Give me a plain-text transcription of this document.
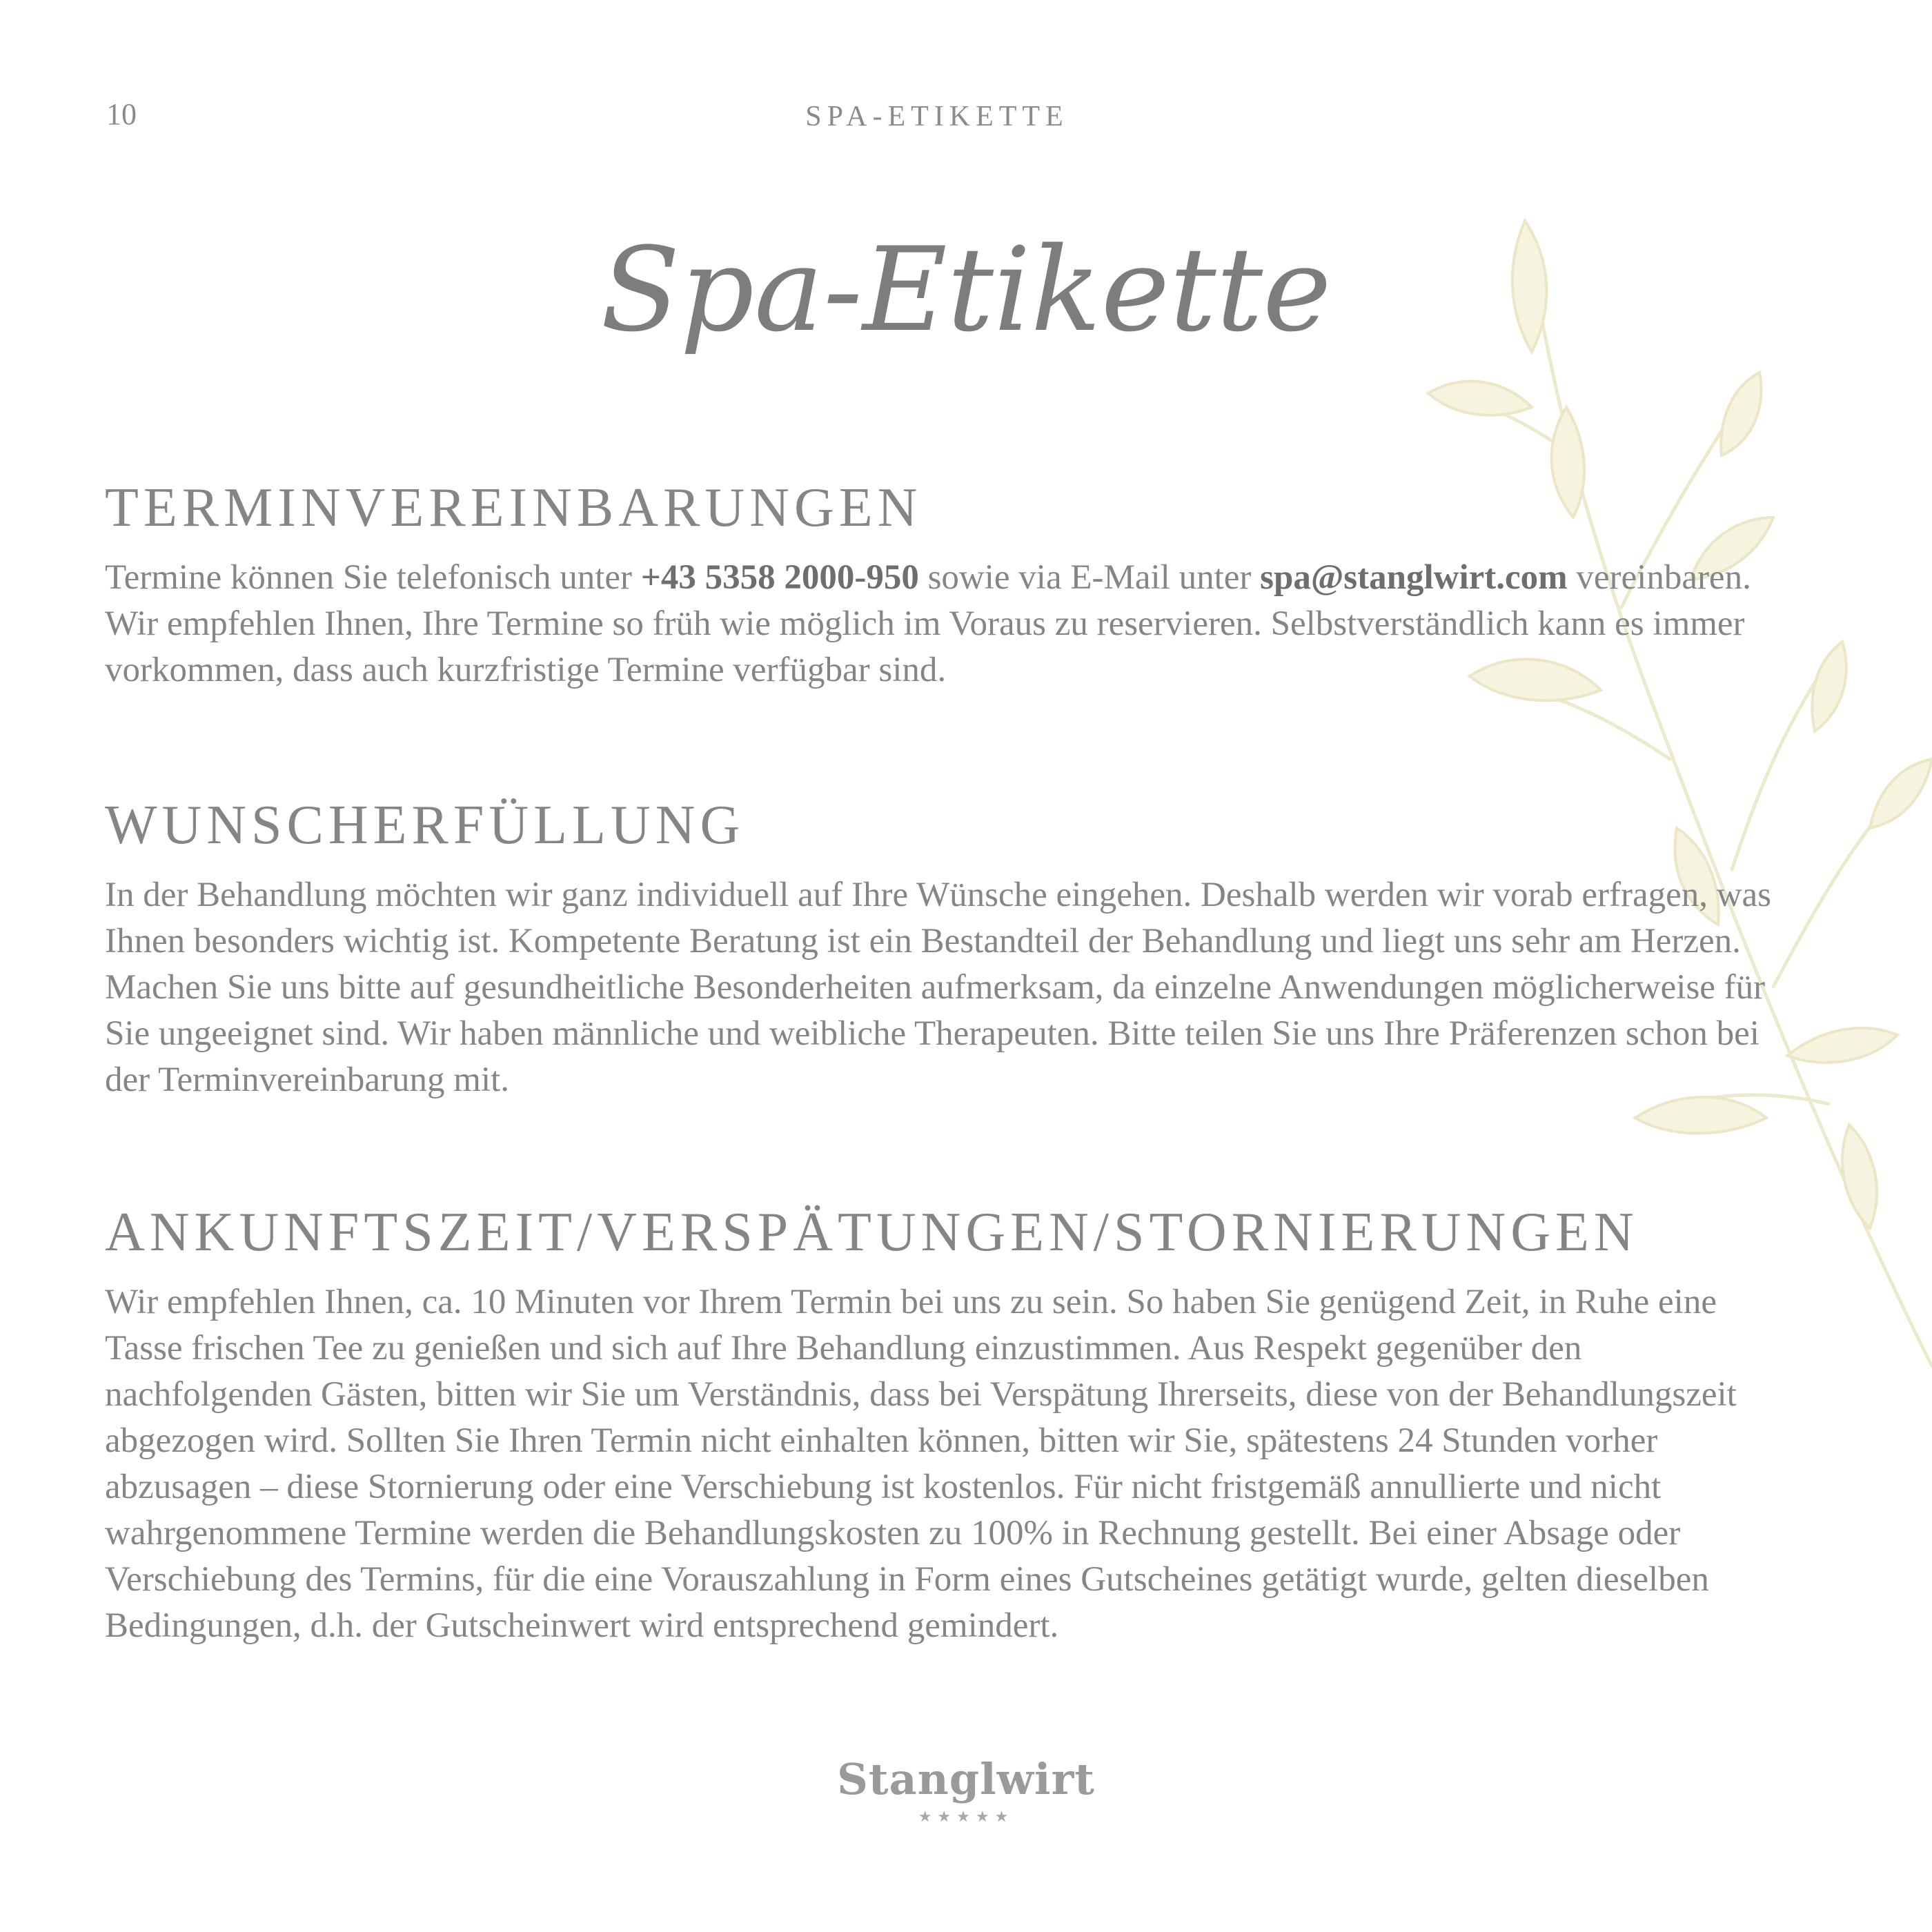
10	SPA-ETIKETTE
Spa-Etikette
TERMINVEREINBARUNGEN

Termine können Sie telefonisch unter +43 5358 2000-950 sowie via E-Mail unter spa@stanglwirt.com vereinbaren. Wir empfehlen Ihnen, Ihre Termine so früh wie möglich im Voraus zu reservieren. Selbstverständlich kann es immer vorkommen, dass auch kurzfristige Termine verfügbar sind.

WUNSCHERFÜLLUNG

In der Behandlung möchten wir ganz individuell auf Ihre Wünsche eingehen. Deshalb werden wir vorab erfragen, was Ihnen besonders wichtig ist. Kompetente Beratung ist ein Bestandteil der Behandlung und liegt uns sehr am Herzen. Machen Sie uns bitte auf gesundheitliche Besonderheiten aufmerksam, da einzelne Anwendungen möglicherweise für Sie ungeeignet sind. Wir haben männliche und weibliche Therapeuten. Bitte teilen Sie uns Ihre Präferenzen schon bei der Terminvereinbarung mit.

ANKUNFTSZEIT/VERSPÄTUNGEN/STORNIERUNGEN

Wir empfehlen Ihnen, ca. 10 Minuten vor Ihrem Termin bei uns zu sein. So haben Sie genügend Zeit, in Ruhe eine Tasse frischen Tee zu genießen und sich auf Ihre Behandlung einzustimmen. Aus Respekt gegenüber den nachfolgenden Gästen, bitten wir Sie um Verständnis, dass bei Verspätung Ihrerseits, diese von der Behandlungszeit abgezogen wird. Sollten Sie Ihren Termin nicht einhalten können, bitten wir Sie, spätestens 24 Stunden vorher abzusagen – diese Stornierung oder eine Verschiebung ist kostenlos. Für nicht fristgemäß annullierte und nicht wahrgenommene Termine werden die Behandlungskosten zu 100% in Rechnung gestellt. Bei einer Absage oder Verschiebung des Termins, für die eine Vorauszahlung in Form eines Gutscheines getätigt wurde, gelten dieselben Bedingungen, d.h. der Gutscheinwert wird entsprechend gemindert.

Stanglwirt
★★★★★
